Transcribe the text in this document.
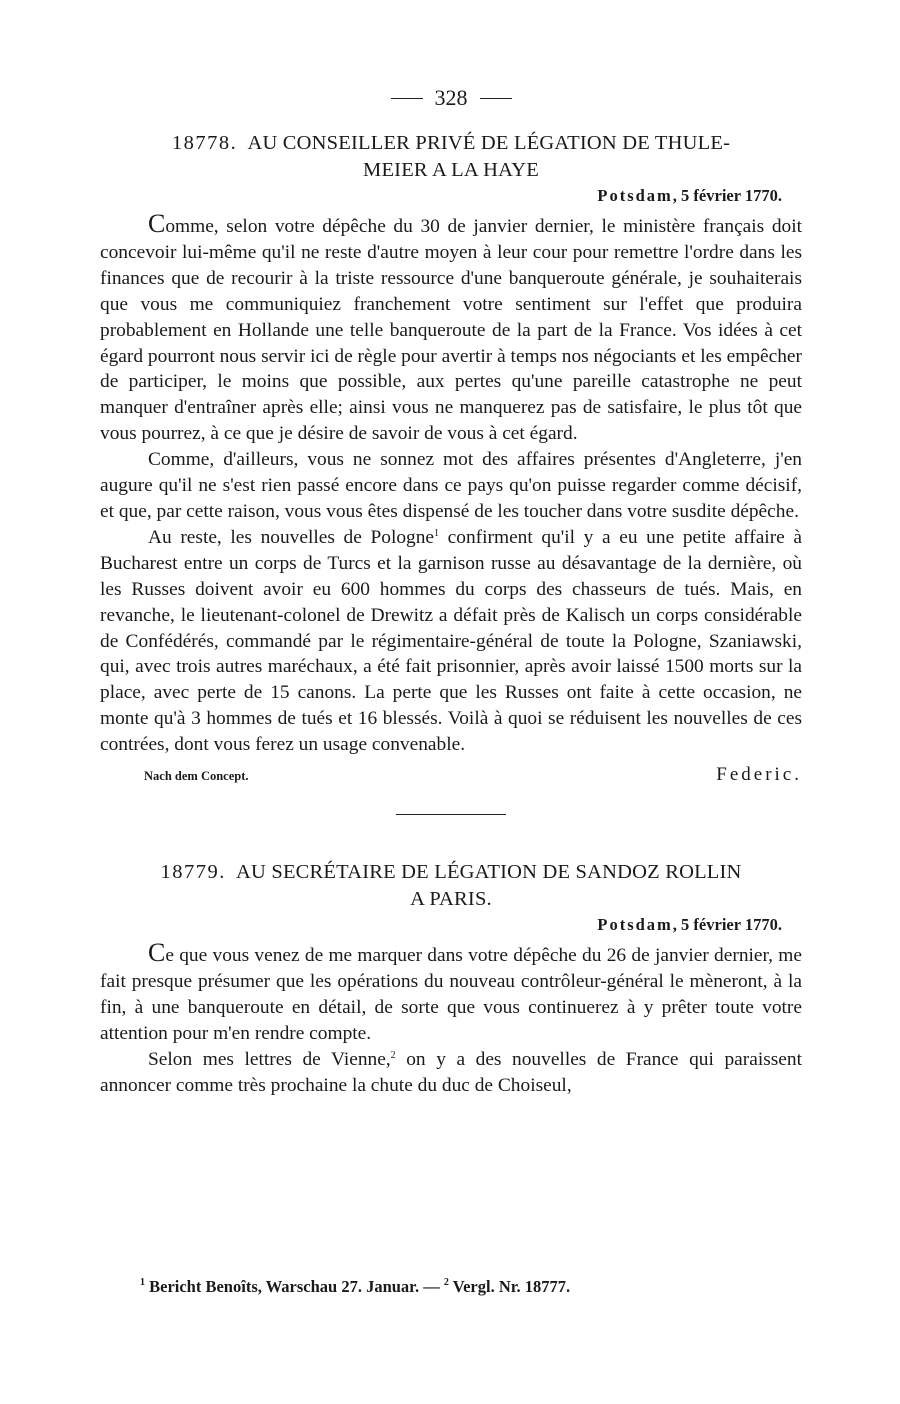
328
18778. AU CONSEILLER PRIVÉ DE LÉGATION DE THULE-
MEIER A LA HAYE
Potsdam, 5 février 1770.

Comme, selon votre dépêche du 30 de janvier dernier, le ministère français doit concevoir lui-même qu'il ne reste d'autre moyen à leur cour pour remettre l'ordre dans les finances que de recourir à la triste ressource d'une banqueroute générale, je souhaiterais que vous me communiquiez franchement votre sentiment sur l'effet que produira probablement en Hollande une telle banqueroute de la part de la France. Vos idées à cet égard pourront nous servir ici de règle pour avertir à temps nos négociants et les empêcher de participer, le moins que possible, aux pertes qu'une pareille catastrophe ne peut manquer d'entraîner après elle; ainsi vous ne manquerez pas de satisfaire, le plus tôt que vous pourrez, à ce que je désire de savoir de vous à cet égard.

Comme, d'ailleurs, vous ne sonnez mot des affaires présentes d'Angleterre, j'en augure qu'il ne s'est rien passé encore dans ce pays qu'on puisse regarder comme décisif, et que, par cette raison, vous vous êtes dispensé de les toucher dans votre susdite dépêche.

Au reste, les nouvelles de Pologne$^1$ confirment qu'il y a eu une petite affaire à Bucharest entre un corps de Turcs et la garnison russe au désavantage de la dernière, où les Russes doivent avoir eu 600 hommes du corps des chasseurs de tués. Mais, en revanche, le lieutenant-colonel de Drewitz a défait près de Kalisch un corps considérable de Confédérés, commandé par le régimentaire-général de toute la Pologne, Szaniawski, qui, avec trois autres maréchaux, a été fait prisonnier, après avoir laissé 1500 morts sur la place, avec perte de 15 canons. La perte que les Russes ont faite à cette occasion, ne monte qu'à 3 hommes de tués et 16 blessés. Voilà à quoi se réduisent les nouvelles de ces contrées, dont vous ferez un usage convenable.

Nach dem Concept.	Federic.
18779. AU SECRÉTAIRE DE LÉGATION DE SANDOZ ROLLIN
A PARIS.
Potsdam, 5 février 1770.

Ce que vous venez de me marquer dans votre dépêche du 26 de janvier dernier, me fait presque présumer que les opérations du nouveau contrôleur-général le mèneront, à la fin, à une banqueroute en détail, de sorte que vous continuerez à y prêter toute votre attention pour m'en rendre compte.

Selon mes lettres de Vienne,$^2$ on y a des nouvelles de France qui paraissent annoncer comme très prochaine la chute du duc de Choiseul,

$^1$ Bericht Benoîts, Warschau 27. Januar. — $^2$ Vergl. Nr. 18777.
